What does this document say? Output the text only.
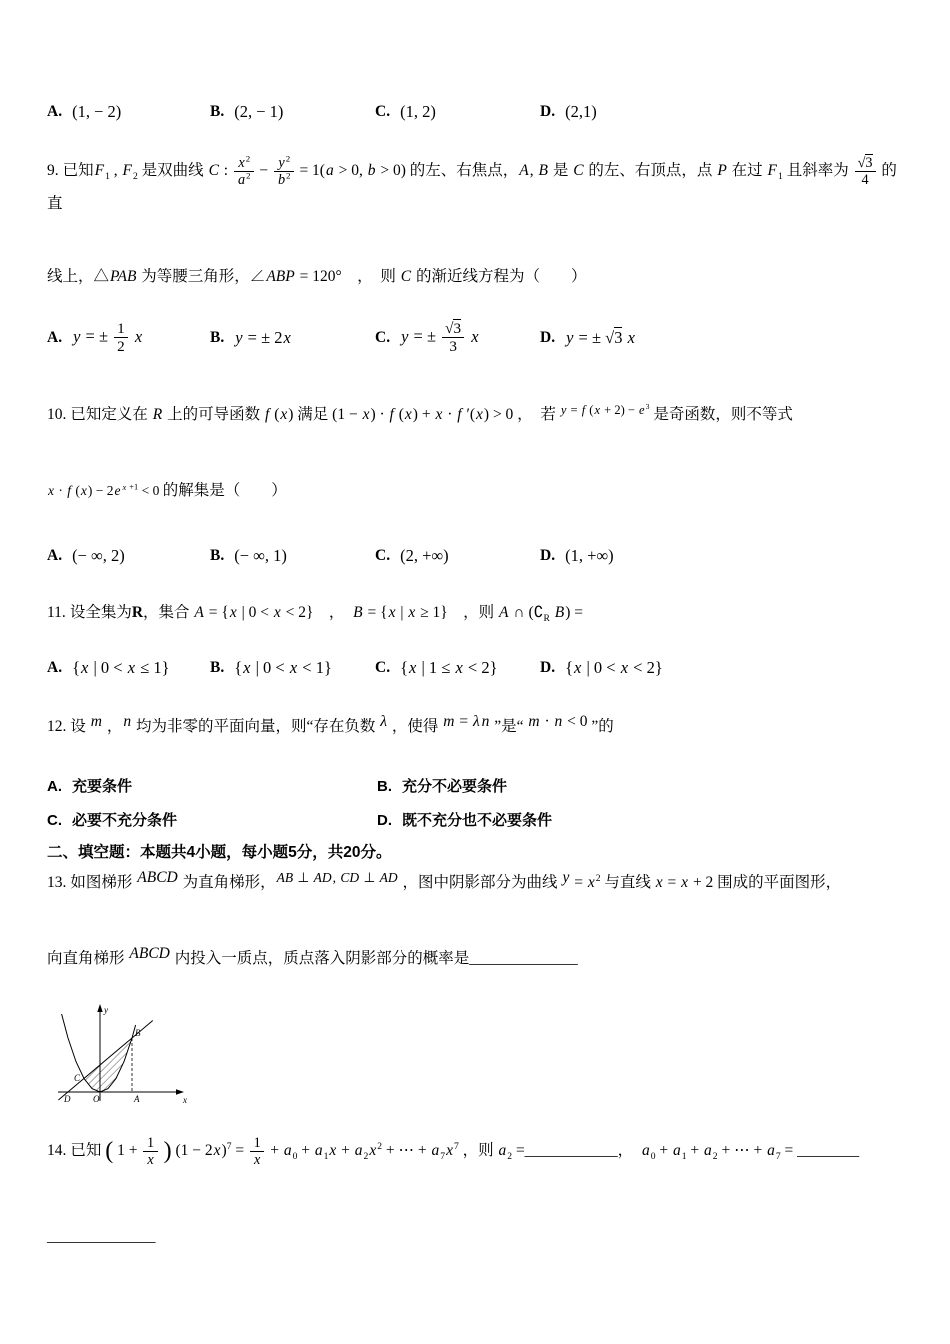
A. (1, − 2)	B. (2, − 1)	C. (1, 2)	D. (2,1)
9. 已知$F_1$ , $F_2$ 是双曲线 C : $\frac{x^2}{a^2} - \frac{y^2}{b^2} = 1(a > 0$, b > 0) 的左、右焦点，A, B 是 C 的左、右顶点，点 P 在过 $F_1$ 且斜率为 $\frac{√3}{4}$ 的直
线上，△PAB 为等腰三角形，∠ABP = 120°　，　则 C 的渐近线方程为（　　）
A. y = ± $\frac{1}{2}$ x	B. y = ± 2x	C. y = ± $\frac{√3}{3}$ x	D. y = ± √3 x
10. 已知定义在 R 上的可导函数 f (x) 满足 (1 − x) · f (x) + x · f ′(x) > 0 ，　若 y = f $(x + 2) - e^3$ 是奇函数，则不等式
x · f (x) − 2e $^{x +1}$ < 0 的解集是（　　）
A. (− ∞, 2)	B. (− ∞, 1)	C. (2, +∞)	D. (1, +∞)
11. 设全集为R，集合 A = {x | 0 < x < 2}　，　B = {x | x ≥ 1}　，则 A ∩ ($∁_R$ B) =
A. {x | 0 < x ≤ 1}	B. {x | 0 < x < 1}	C. {x | 1 ≤ x < 2}	D. {x | 0 < x < 2}
12. 设 m ，n 均为非零的平面向量，则“存在负数 λ ，使得 m = λ n ”是“ m · n < 0 ”的
A. 充要条件	B. 充分不必要条件
C. 必要不充分条件	D. 既不充分也不必要条件
二、填空题：本题共4小题，每小题5分，共20分。
13. 如图梯形 ABCD 为直角梯形，AB ⊥ AD, CD ⊥ AD ，图中阴影部分为曲线 $y = x^2$ 与直线 x = x + 2 围成的平面图形，
向直角梯形 ABCD 内投入一质点，质点落入阴影部分的概率是______________
y
x
O
D	A
C
B
14. 已知 ( $1 + \frac{1}{x}$ ) $(1 - 2x)^7 = \frac{1}{x} + a_0 + a_1x + a_2x^2$ + ⋯ + $a_7x^7$ ，则 $a_2$ =____________，　$a_0 + a_1 + a_2$ + ⋯ + $a_7$ = ________
______________
